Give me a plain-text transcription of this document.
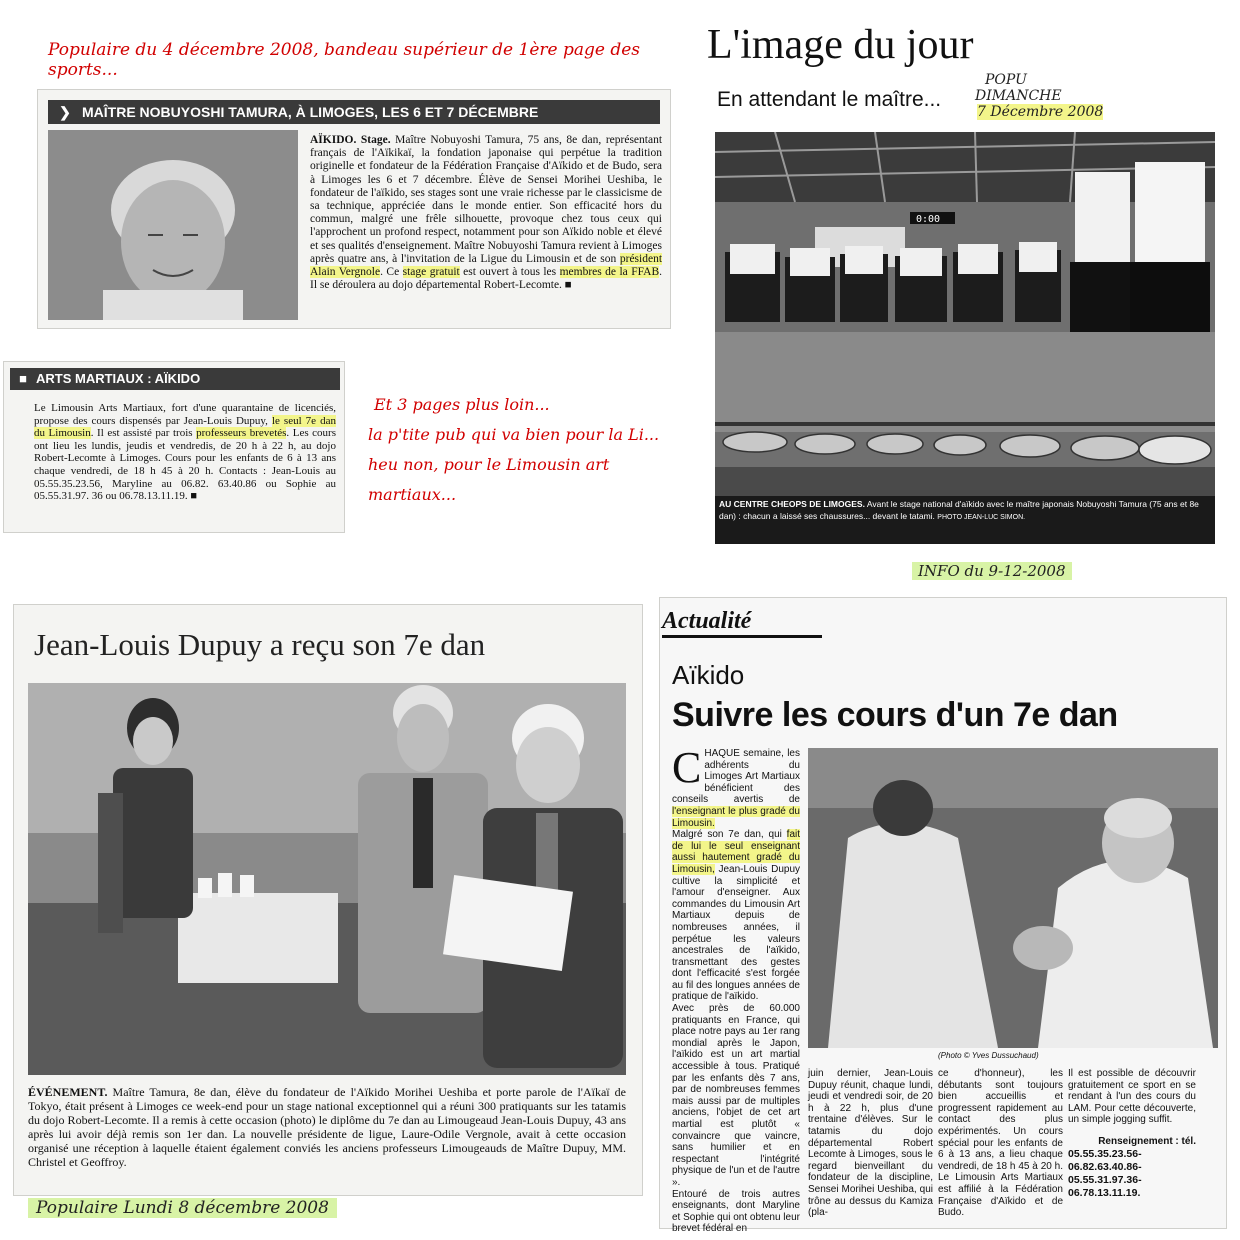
Populaire du 4 décembre 2008, bandeau supérieur de 1ère page des sports...
❯ MAÎTRE NOBUYOSHI TAMURA, À LIMOGES, LES 6 ET 7 DÉCEMBRE
AÏKIDO. Stage. Maître Nobuyoshi Tamura, 75 ans, 8e dan, représentant français de l'Aïkikaï, la fondation japonaise qui perpétue la tradition originelle et fondateur de la Fédération Française d'Aïkido et de Budo, sera à Limoges les 6 et 7 décembre. Élève de Sensei Morihei Ueshiba, le fondateur de l'aïkido, ses stages sont une vraie richesse par le classicisme de sa technique, appréciée dans le monde entier. Son efficacité hors du commun, malgré une frêle silhouette, provoque chez tous ceux qui l'approchent un profond respect, notamment pour son Aïkido noble et élevé et ses qualités d'enseignement. Maître Nobuyoshi Tamura revient à Limoges après quatre ans, à l'invitation de la Ligue du Limousin et de son président Alain Vergnole. Ce stage gratuit est ouvert à tous les membres de la FFAB. Il se déroulera au dojo départemental Robert-Lecomte. ■
L'image du jour
En attendant le maître...
POPU
DIMANCHE
7 Décembre 2008
0:00
AU CENTRE CHEOPS DE LIMOGES. Avant le stage national d'aïkido avec le maître japonais Nobuyoshi Tamura (75 ans et 8e dan) : chacun a laissé ses chaussures... devant le tatami. PHOTO JEAN-LUC SIMON.
■ ARTS MARTIAUX : AÏKIDO
Le Limousin Arts Martiaux, fort d'une quarantaine de licenciés, propose des cours dispensés par Jean-Louis Dupuy, le seul 7e dan du Limousin. Il est assisté par trois professeurs brevetés. Les cours ont lieu les lundis, jeudis et vendredis, de 20 h à 22 h, au dojo Robert-Lecomte à Limoges. Cours pour les enfants de 6 à 13 ans chaque vendredi, de 18 h 45 à 20 h. Contacts : Jean-Louis au 05.55.35.23.56, Maryline au 06.82. 63.40.86 ou Sophie au 05.55.31.97. 36 ou 06.78.13.11.19. ■
Et 3 pages plus loin...
la p'tite pub qui va bien pour la Li...
heu non, pour le Limousin art martiaux...
INFO du 9-12-2008
Jean-Louis Dupuy a reçu son 7e dan
ÉVÉNEMENT. Maître Tamura, 8e dan, élève du fondateur de l'Aïkido Morihei Ueshiba et porte parole de l'Aïkaï de Tokyo, était présent à Limoges ce week-end pour un stage national exceptionnel qui a réuni 300 pratiquants sur les tatamis du dojo Robert-Lecomte. Il a remis à cette occasion (photo) le diplôme du 7e dan au Limougeaud Jean-Louis Dupuy, 43 ans après lui avoir déjà remis son 1er dan. La nouvelle présidente de ligue, Laure-Odile Vergnole, avait à cette occasion organisé une réception à laquelle étaient également conviés les anciens professeurs Limougeauds de Maître Dupuy, MM. Christel et Geoffroy.
Populaire Lundi 8 décembre 2008
Actualité
Aïkido
Suivre les cours d'un 7e dan
C HAQUE semaine, les adhérents du Limoges Art Martiaux bénéficient des conseils avertis de l'enseignant le plus gradé du Limousin.
Malgré son 7e dan, qui fait de lui le seul enseignant aussi hautement gradé du Limousin, Jean-Louis Dupuy cultive la simplicité et l'amour d'enseigner. Aux commandes du Limousin Art Martiaux depuis de nombreuses années, il perpétue les valeurs ancestrales de l'aïkido, transmettant des gestes dont l'efficacité s'est forgée au fil des longues années de pratique de l'aïkido.
Avec près de 60.000 pratiquants en France, qui place notre pays au 1er rang mondial après le Japon, l'aïkido est un art martial accessible à tous. Pratiqué par les enfants dès 7 ans, par de nombreuses femmes mais aussi par de multiples anciens, l'objet de cet art martial est plutôt « convaincre que vaincre, sans humilier et en respectant l'intégrité physique de l'un et de l'autre ».
Entouré de trois autres enseignants, dont Maryline et Sophie qui ont obtenu leur brevet fédéral en
(Photo © Yves Dussuchaud)
juin dernier, Jean-Louis Dupuy réunit, chaque lundi, jeudi et vendredi soir, de 20 h à 22 h, plus d'une trentaine d'élèves. Sur le tatamis du dojo départemental Robert Lecomte à Limoges, sous le regard bienveillant du fondateur de la discipline, Sensei Morihei Ueshiba, qui trône au dessus du Kamiza (pla-
ce d'honneur), les débutants sont toujours bien accueillis et progressent rapidement au contact des plus expérimentés. Un cours spécial pour les enfants de 6 à 13 ans, a lieu chaque vendredi, de 18 h 45 à 20 h. Le Limousin Arts Martiaux est affilié à la Fédération Française d'Aïkido et de Budo.
Il est possible de découvrir gratuitement ce sport en se rendant à l'un des cours du LAM. Pour cette découverte, un simple jogging suffit.
Renseignement : tél.
05.55.35.23.56- 06.82.63.40.86- 05.55.31.97.36- 06.78.13.11.19.
